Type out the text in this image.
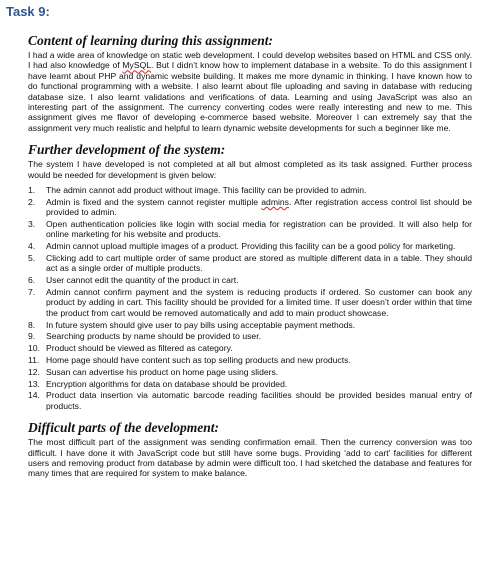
Task 9:
Content of learning during this assignment:

I had a wide area of knowledge on static web development. I could develop websites based on HTML and CSS only. I had also knowledge of MySQL. But I didn’t know how to implement database in a website. To do this assignment I have learnt about PHP and dynamic website building. It makes me more dynamic in thinking. I have known how to do functional programming with a website. I also learnt about file uploading and saving in database with reducing database size. I also learnt validations and verifications of data. Learning and using JavaScript was also an interesting part of the assignment. The currency converting codes were really interesting and new to me. This assignment gives me flavor of developing e-commerce based website. Moreover I can extremely say that the assignment very much realistic and helpful to learn dynamic website developments for such a beginner like me.

Further development of the system:

The system I have developed is not completed at all but almost completed as its task assigned. Further process would be needed for development is given below:

1.	The admin cannot add product without image. This facility can be provided to admin.
2.	Admin is fixed and the system cannot register multiple admins. After registration access control list should be provided to admin.
3.	Open authentication policies like login with social media for registration can be provided. It will also help for online marketing for his website and products.
4.	Admin cannot upload multiple images of a product. Providing this facility can be a good policy for marketing.
5.	Clicking add to cart multiple order of same product are stored as multiple different data in a table. They should act as a single order of multiple products.
6.	User cannot edit the quantity of the product in cart.
7.	Admin cannot confirm payment and the system is reducing products if ordered. So customer can book any product by adding in cart. This facility should be provided for a limited time. If user doesn’t order within that time the product from cart would be removed automatically and add to main product showcase.
8.	In future system should give user to pay bills using acceptable payment methods.
9.	Searching products by name should be provided to user.
10. Product should be viewed as filtered as category.
11. Home page should have content such as top selling products and new products.
12. Susan can advertise his product on home page using sliders.
13. Encryption algorithms for data on database should be provided.
14. Product data insertion via automatic barcode reading facilities should be provided besides manual entry of products.
Difficult parts of the development:

The most difficult part of the assignment was sending confirmation email. Then the currency conversion was too difficult. I have done it with JavaScript code but still have some bugs. Providing ‘add to cart’ facilities for different users and removing product from database by admin were difficult too. I had sketched the database and features for many times that are required for system to make balance.
